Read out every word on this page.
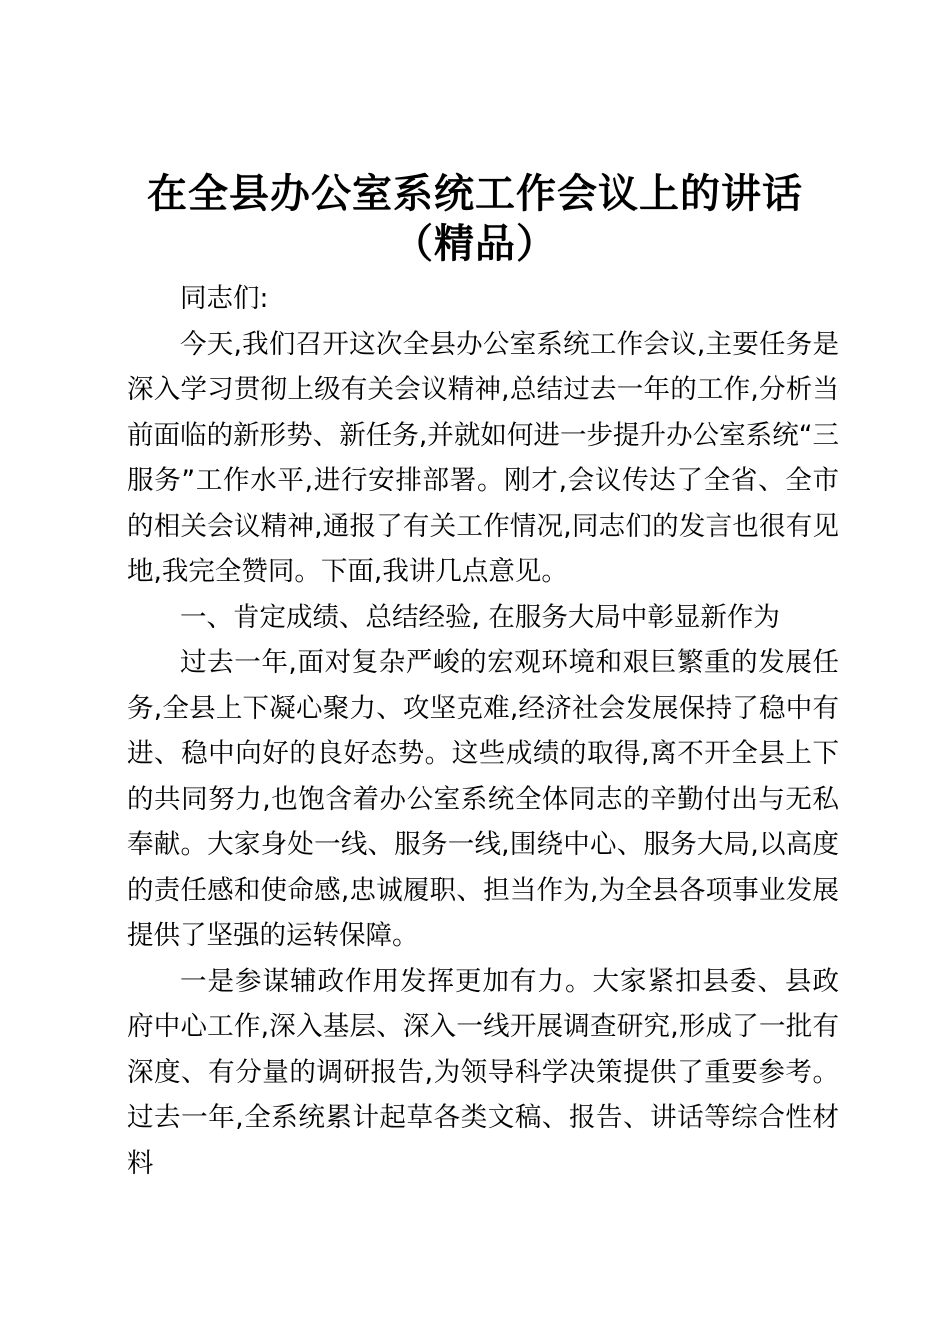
在全县办公室系统工作会议上的讲话
（精品）

同志们:

今天,我们召开这次全县办公室系统工作会议,主要任务是深入学习贯彻上级有关会议精神,总结过去一年的工作,分析当前面临的新形势、新任务,并就如何进一步提升办公室系统“三服务”工作水平,进行安排部署。刚才,会议传达了全省、全市的相关会议精神,通报了有关工作情况,同志们的发言也很有见地,我完全赞同。下面,我讲几点意见。

一、肯定成绩、总结经验, 在服务大局中彰显新作为

过去一年,面对复杂严峻的宏观环境和艰巨繁重的发展任务,全县上下凝心聚力、攻坚克难,经济社会发展保持了稳中有进、稳中向好的良好态势。这些成绩的取得,离不开全县上下的共同努力,也饱含着办公室系统全体同志的辛勤付出与无私奉献。大家身处一线、服务一线,围绕中心、服务大局,以高度的责任感和使命感,忠诚履职、担当作为,为全县各项事业发展提供了坚强的运转保障。

一是参谋辅政作用发挥更加有力。大家紧扣县委、县政府中心工作,深入基层、深入一线开展调查研究,形成了一批有深度、有分量的调研报告,为领导科学决策提供了重要参考。过去一年,全系统累计起草各类文稿、报告、讲话等综合性材料
